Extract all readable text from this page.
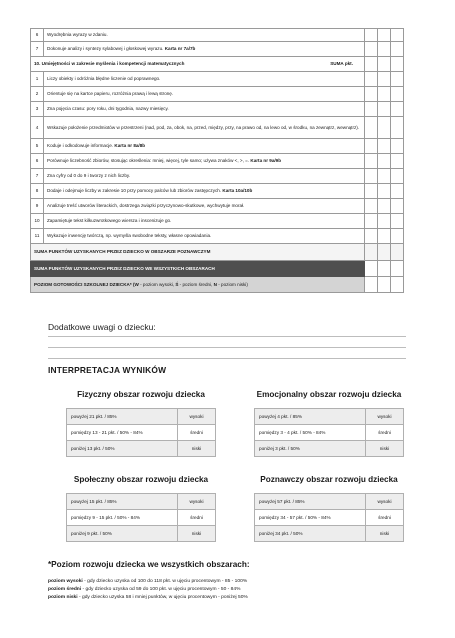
6	Wyodrębnia wyrazy w zdaniu.			
7	Dokonuje analizy i syntezy sylabowej i głoskowej wyrazu. Karta nr 7a/7b			
10. Umiejętności w zakresie myślenia i kompetencji matematycznych SUMA pkt.				

1	Liczy obiekty i odróżnia błędne liczenie od poprawnego.			
2	Orientuje się na kartce papieru, rozróżnia prawą i lewą stronę.			
3	Zna pojęcia czasu: pory roku, dni tygodnia, nazwy miesięcy.			
4	Wskazuje położenie przedmiotów w przestrzeni (nad, pod, za, obok, na, przed, między, przy, na prawo od, na lewo od, w środku, na zewnątrz, wewnątrz).			
5	Koduje i odkodowuje informacje. Karta nr 8a/8b			
6	Porównuje liczebność zbiorów, stosując określenia: mniej, więcej, tyle samo; używa znaków <, >, =. Karta nr 9a/9b			
7	Zna cyfry od 0 do 9 i tworzy z nich liczby.			
8	Dodaje i odejmuje liczby w zakresie 10 przy pomocy palców lub zbiorów zastępczych. Karta 10a/10b			
9	Analizuje treść utworów literackich, dostrzega związki przyczynowo-skutkowe, wychwytuje morał.			
10	Zapamiętuje tekst kilkuzwrotkowego wiersza i inscenizuje go.			
11	Wykazuje inwencję twórczą, np. wymyśla swobodne teksty, własne opowiadania.			
SUMA PUNKTÓW UZYSKANYCH PRZEZ DZIECKO W OBSZARZE POZNAWCZYM				
SUMA PUNKTÓW UZYSKANYCH PRZEZ DZIECKO WE WSZYSTKICH OBSZARACH				
POZIOM GOTOWOŚCI SZKOLNEJ DZIECKA* (W - poziom wysoki, Ś - poziom średni, N - poziom niski)				
Dodatkowe uwagi o dziecku:
INTERPRETACJA WYNIKÓW
Fizyczny obszar rozwoju dziecka
powyżej 21 pkt. / 85%	wysoki
pomiędzy 13 - 21 pkt. / 50% - 84%	średni
poniżej 13 pkt. / 50%	niski
Emocjonalny obszar rozwoju dziecka
powyżej 4 pkt. / 85%	wysoki
pomiędzy 3 - 4 pkt. / 50% - 84%	średni
poniżej 3 pkt. / 50%	niski
Społeczny obszar rozwoju dziecka
powyżej 15 pkt. / 85%	wysoki
pomiędzy 9 - 15 pkt. / 50% - 84%	średni
poniżej 9 pkt. / 50%	niski
Poznawczy obszar rozwoju dziecka
powyżej 57 pkt. / 85%	wysoki
pomiędzy 34 - 57 pkt. / 50% - 84%	średni
poniżej 34 pkt. / 50%	niski
*Poziom rozwoju dziecka we wszystkich obszarach:
poziom wysoki - gdy dziecko uzyska od 100 do 118 pkt. w ujęciu procentowym - 85 - 100%
poziom średni - gdy dziecko uzyska od 59 do 100 pkt. w ujęciu procentowym - 50 - 84%
poziom niski - gdy dziecko uzyska 58 i mniej punktów, w ujęciu procentowym - poniżej 50%
